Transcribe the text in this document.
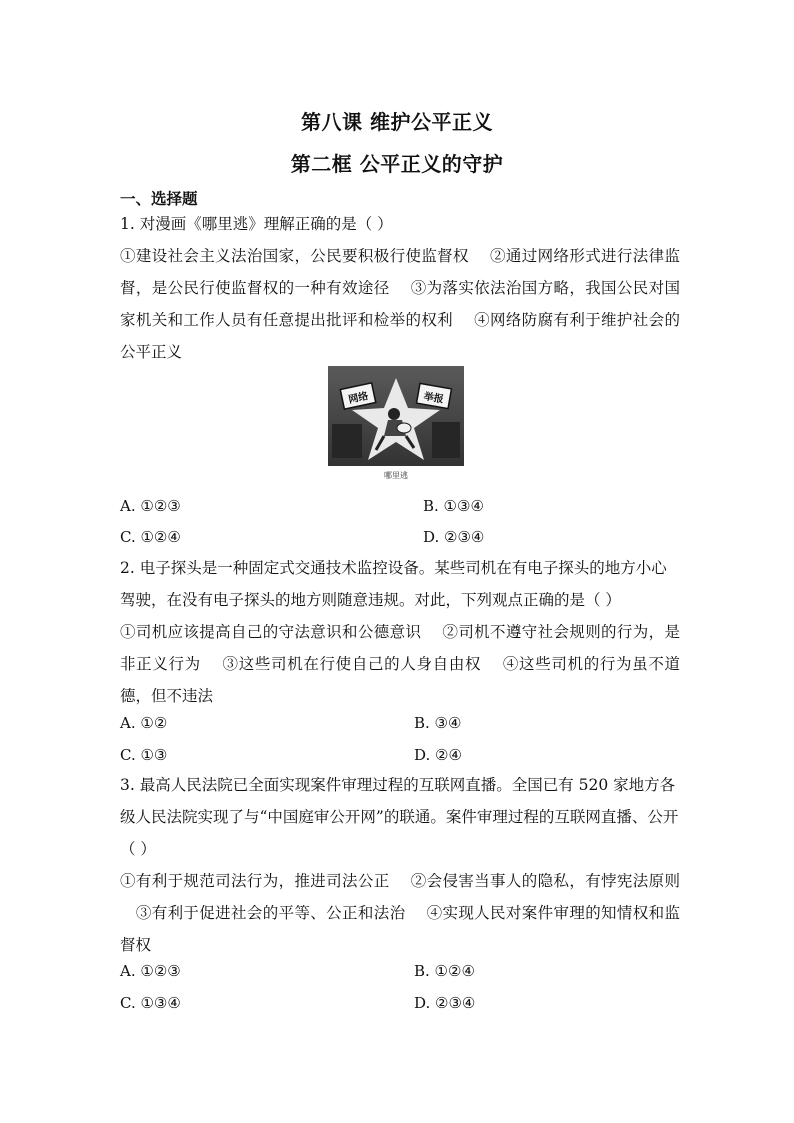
第八课 维护公平正义
第二框 公平正义的守护
一、选择题
1. 对漫画《哪里逃》理解正确的是（ ）
①建设社会主义法治国家，公民要积极行使监督权 　②通过网络形式进行法律监督，是公民行使监督权的一种有效途径 　③为落实依法治国方略，我国公民对国家机关和工作人员有任意提出批评和检举的权利 　④网络防腐有利于维护社会的公平正义
网络	举报
哪里逃
A. ①②③	B. ①③④
C. ①②④	D. ②③④
2. 电子探头是一种固定式交通技术监控设备。某些司机在有电子探头的地方小心驾驶，在没有电子探头的地方则随意违规。对此，下列观点正确的是（ ）
①司机应该提高自己的守法意识和公德意识 　②司机不遵守社会规则的行为，是非正义行为 　③这些司机在行使自己的人身自由权 　④这些司机的行为虽不道德，但不违法
A. ①②	B. ③④
C. ①③	D. ②④
3. 最高人民法院已全面实现案件审理过程的互联网直播。全国已有 520 家地方各级人民法院实现了与“中国庭审公开网”的联通。案件审理过程的互联网直播、公开（ ）
①有利于规范司法行为，推进司法公正 　②会侵害当事人的隐私，有悖宪法原则 　③有利于促进社会的平等、公正和法治 　④实现人民对案件审理的知情权和监督权
A. ①②③	B. ①②④
C. ①③④	D. ②③④
